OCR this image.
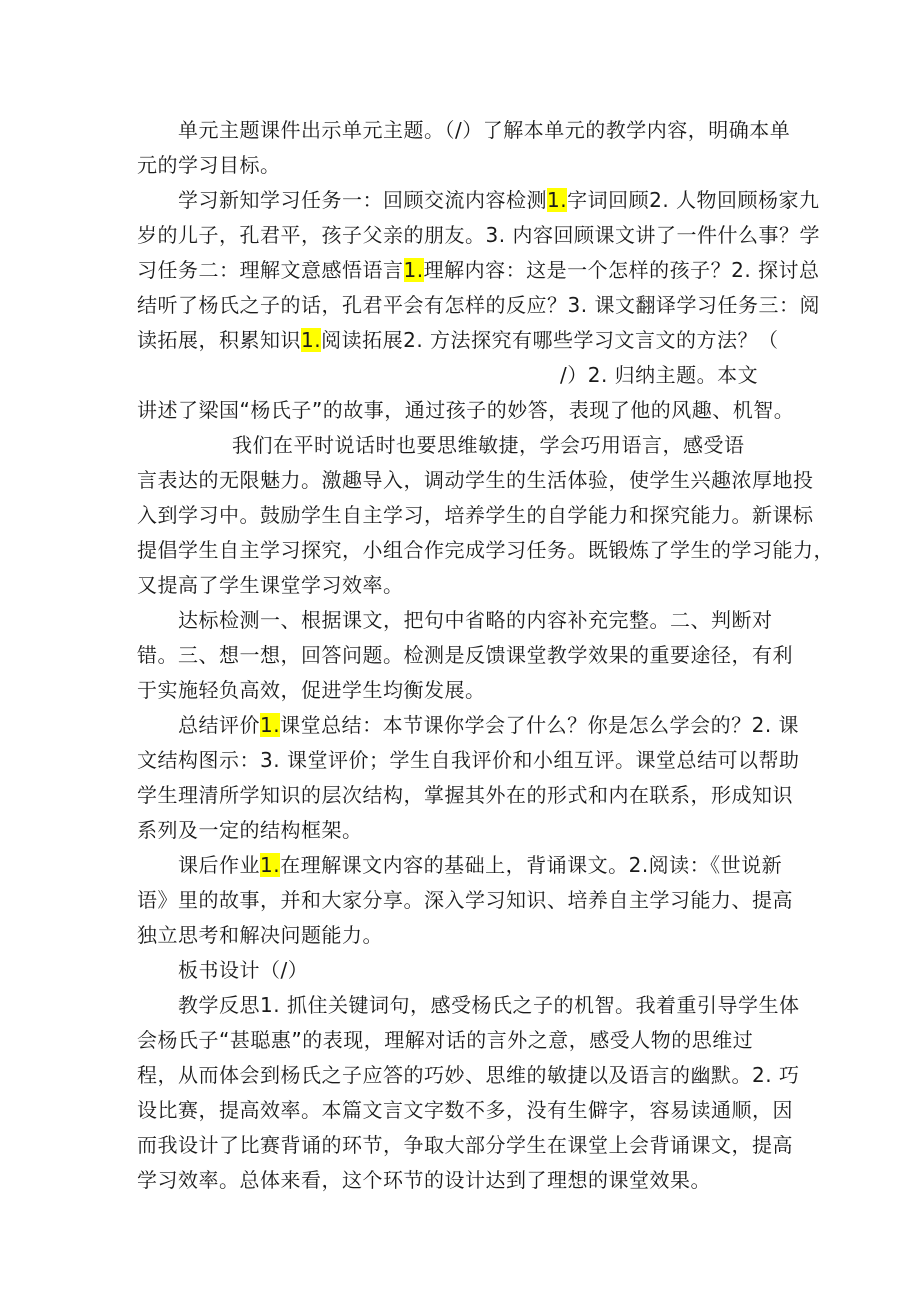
单元主题课件出示单元主题。（/）了解本单元的教学内容，明确本单
元的学习目标。
学习新知学习任务一：回顾交流内容检测1.字词回顾2. 人物回顾杨家九
岁的儿子，孔君平，孩子父亲的朋友。3. 内容回顾课文讲了一件什么事？学
习任务二：理解文意感悟语言1.理解内容：这是一个怎样的孩子？2. 探讨总
结听了杨氏之子的话，孔君平会有怎样的反应？3. 课文翻译学习任务三：阅
读拓展，积累知识1.阅读拓展2. 方法探究有哪些学习文言文的方法？（
/）2. 归纳主题。本文
讲述了梁国“杨氏子”的故事，通过孩子的妙答，表现了他的风趣、机智。
我们在平时说话时也要思维敏捷，学会巧用语言，感受语
言表达的无限魅力。激趣导入，调动学生的生活体验，使学生兴趣浓厚地投
入到学习中。鼓励学生自主学习，培养学生的自学能力和探究能力。新课标
提倡学生自主学习探究，小组合作完成学习任务。既锻炼了学生的学习能力，
又提高了学生课堂学习效率。
达标检测一、根据课文，把句中省略的内容补充完整。二、判断对
错。三、想一想，回答问题。检测是反馈课堂教学效果的重要途径，有利
于实施轻负高效，促进学生均衡发展。
总结评价1.课堂总结：本节课你学会了什么？你是怎么学会的？2. 课
文结构图示：3. 课堂评价；学生自我评价和小组互评。课堂总结可以帮助
学生理清所学知识的层次结构，掌握其外在的形式和内在联系，形成知识
系列及一定的结构框架。
课后作业1.在理解课文内容的基础上，背诵课文。2.阅读：《世说新
语》里的故事，并和大家分享。深入学习知识、培养自主学习能力、提高
独立思考和解决问题能力。
板书设计（/）
教学反思1. 抓住关键词句，感受杨氏之子的机智。我着重引导学生体
会杨氏子“甚聪惠”的表现，理解对话的言外之意，感受人物的思维过
程，从而体会到杨氏之子应答的巧妙、思维的敏捷以及语言的幽默。2. 巧
设比赛，提高效率。本篇文言文字数不多，没有生僻字，容易读通顺，因
而我设计了比赛背诵的环节，争取大部分学生在课堂上会背诵课文，提高
学习效率。总体来看，这个环节的设计达到了理想的课堂效果。
